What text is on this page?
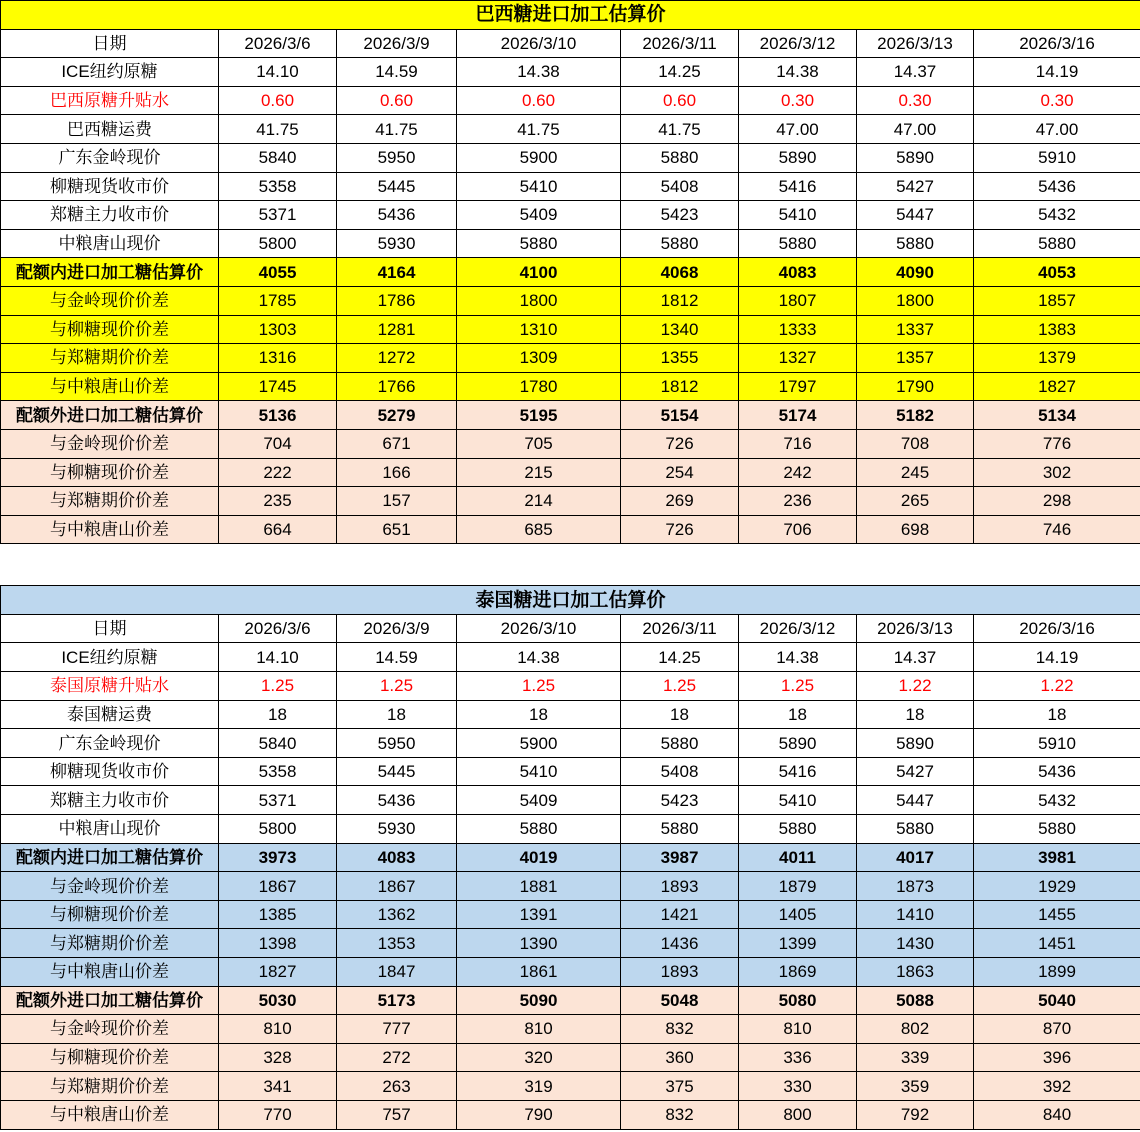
巴西糖进口加工估算价							
日期	2026/3/6	2026/3/9	2026/3/10	2026/3/11	2026/3/12	2026/3/13	2026/3/16
ICE纽约原糖	14.10	14.59	14.38	14.25	14.38	14.37	14.19
巴西原糖升贴水	0.60	0.60	0.60	0.60	0.30	0.30	0.30
巴西糖运费	41.75	41.75	41.75	41.75	47.00	47.00	47.00
广东金岭现价	5840	5950	5900	5880	5890	5890	5910
柳糖现货收市价	5358	5445	5410	5408	5416	5427	5436
郑糖主力收市价	5371	5436	5409	5423	5410	5447	5432
中粮唐山现价	5800	5930	5880	5880	5880	5880	5880
配额内进口加工糖估算价	4055	4164	4100	4068	4083	4090	4053
与金岭现价价差	1785	1786	1800	1812	1807	1800	1857
与柳糖现价价差	1303	1281	1310	1340	1333	1337	1383
与郑糖期价价差	1316	1272	1309	1355	1327	1357	1379
与中粮唐山价差	1745	1766	1780	1812	1797	1790	1827
配额外进口加工糖估算价	5136	5279	5195	5154	5174	5182	5134
与金岭现价价差	704	671	705	726	716	708	776
与柳糖现价价差	222	166	215	254	242	245	302
与郑糖期价价差	235	157	214	269	236	265	298
与中粮唐山价差	664	651	685	726	706	698	746
泰国糖进口加工估算价							
日期	2026/3/6	2026/3/9	2026/3/10	2026/3/11	2026/3/12	2026/3/13	2026/3/16
ICE纽约原糖	14.10	14.59	14.38	14.25	14.38	14.37	14.19
泰国原糖升贴水	1.25	1.25	1.25	1.25	1.25	1.22	1.22
泰国糖运费	18	18	18	18	18	18	18
广东金岭现价	5840	5950	5900	5880	5890	5890	5910
柳糖现货收市价	5358	5445	5410	5408	5416	5427	5436
郑糖主力收市价	5371	5436	5409	5423	5410	5447	5432
中粮唐山现价	5800	5930	5880	5880	5880	5880	5880
配额内进口加工糖估算价	3973	4083	4019	3987	4011	4017	3981
与金岭现价价差	1867	1867	1881	1893	1879	1873	1929
与柳糖现价价差	1385	1362	1391	1421	1405	1410	1455
与郑糖期价价差	1398	1353	1390	1436	1399	1430	1451
与中粮唐山价差	1827	1847	1861	1893	1869	1863	1899
配额外进口加工糖估算价	5030	5173	5090	5048	5080	5088	5040
与金岭现价价差	810	777	810	832	810	802	870
与柳糖现价价差	328	272	320	360	336	339	396
与郑糖期价价差	341	263	319	375	330	359	392
与中粮唐山价差	770	757	790	832	800	792	840
